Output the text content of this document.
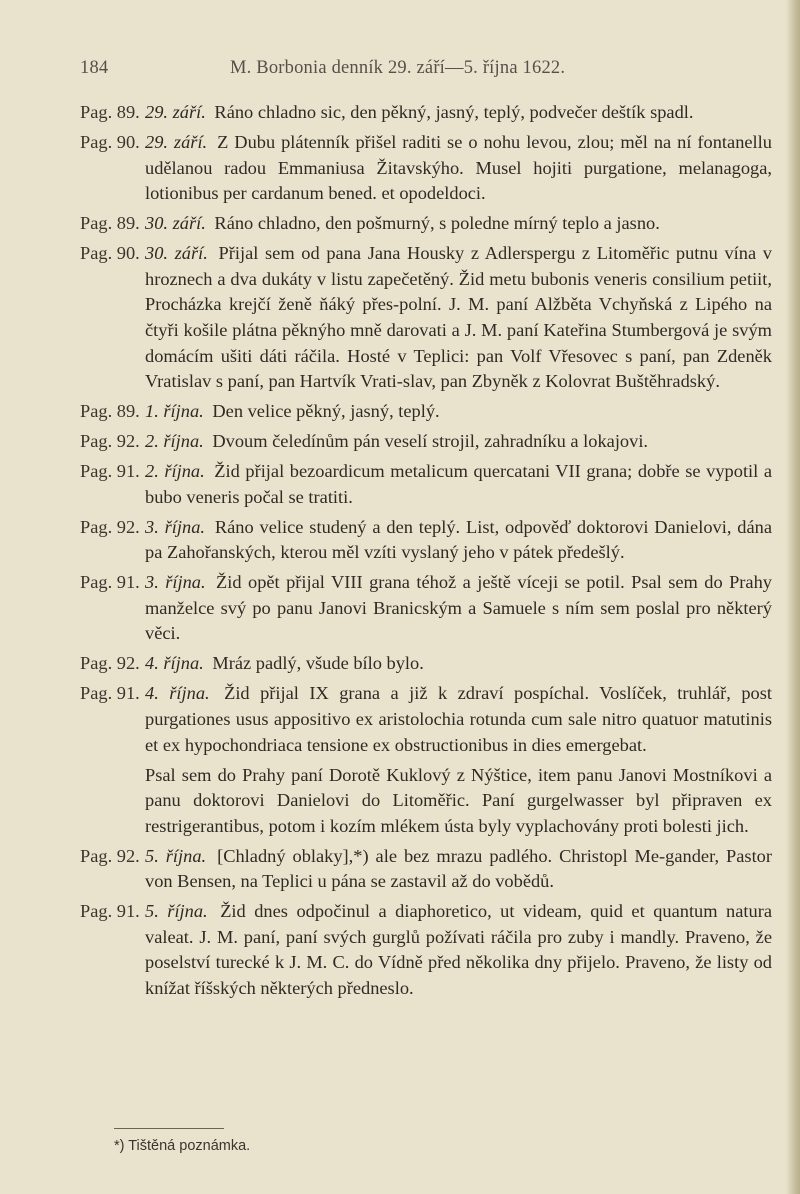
184	M. Borbonia denník 29. září—5. října 1622.
Pag. 89. 29. září. Ráno chladno sic, den pěkný, jasný, teplý, podvečer deštík spadl.
Pag. 90. 29. září. Z Dubu plátenník přišel raditi se o nohu levou, zlou; měl na ní fontanellu udělanou radou Emmaniusa Žitavskýho. Musel hojiti purgatione, melanagoga, lotionibus per cardanum bened. et opodeldoci.
Pag. 89. 30. září. Ráno chladno, den pošmurný, s poledne mírný teplo a jasno.
Pag. 90. 30. září. Přijal sem od pana Jana Housky z Adlerspergu z Litoměřic putnu vína v hroznech a dva dukáty v listu zapečetěný. Žid metu bubonis veneris consilium petiit, Procházka krejčí ženě ňáký přes-polní. J. M. paní Alžběta Vchyňská z Lipého na čtyři košile plátna pěknýho mně darovati a J. M. paní Kateřina Stumbergová je svým domácím ušiti dáti ráčila. Hosté v Teplici: pan Volf Vřesovec s paní, pan Zdeněk Vratislav s paní, pan Hartvík Vrati-slav, pan Zbyněk z Kolovrat Buštěhradský.
Pag. 89. 1. října. Den velice pěkný, jasný, teplý.
Pag. 92. 2. října. Dvoum čeledínům pán veselí strojil, zahradníku a lokajovi.
Pag. 91. 2. října. Žid přijal bezoardicum metalicum quercatani VII grana; dobře se vypotil a bubo veneris počal se tratiti.
Pag. 92. 3. října. Ráno velice studený a den teplý. List, odpověď doktorovi Danielovi, dána pa Zahořanských, kterou měl vzíti vyslaný jeho v pátek předešlý.
Pag. 91. 3. října. Žid opět přijal VIII grana téhož a ještě víceji se potil. Psal sem do Prahy manželce svý po panu Janovi Branicským a Samuele s ním sem poslal pro některý věci.
Pag. 92. 4. října. Mráz padlý, všude bílo bylo.
Pag. 91. 4. října. Žid přijal IX grana a již k zdraví pospíchal. Voslíček, truhlář, post purgationes usus appositivo ex aristolochia rotunda cum sale nitro quatuor matutinis et ex hypochondriaca tensione ex obstructionibus in dies emergebat.
Psal sem do Prahy paní Dorotě Kuklový z Nýštice, item panu Janovi Mostníkovi a panu doktorovi Danielovi do Litoměřic. Paní gurgelwasser byl připraven ex restrigerantibus, potom i kozím mlékem ústa byly vyplachovány proti bolesti jich.
Pag. 92. 5. října. [Chladný oblaky],*) ale bez mrazu padlého. Christopl Me-gander, Pastor von Bensen, na Teplici u pána se zastavil až do vobědů.
Pag. 91. 5. října. Žid dnes odpočinul a diaphoretico, ut videam, quid et quantum natura valeat. J. M. paní, paní svých gurglů požívati ráčila pro zuby i mandly. Praveno, že poselství turecké k J. M. C. do Vídně před několika dny přijelo. Praveno, že listy od knížat říšských některých předneslo.
*) Tištěná poznámka.
